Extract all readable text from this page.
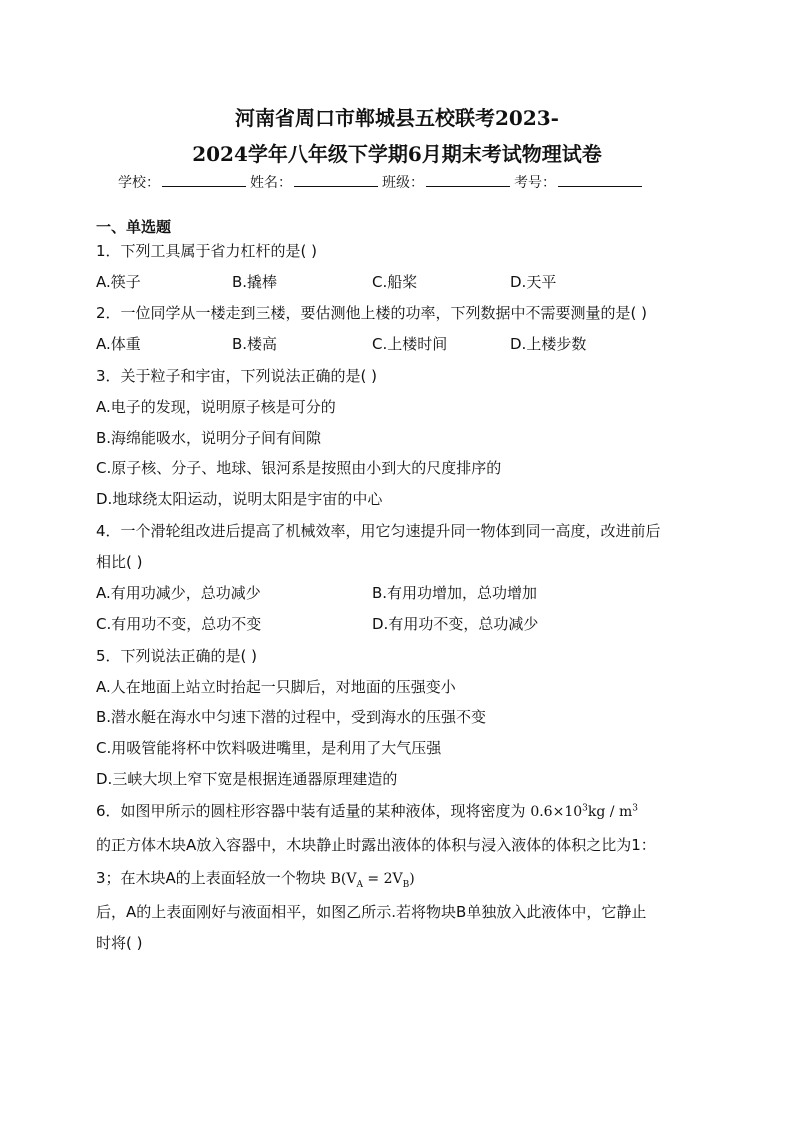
河南省周口市郸城县五校联考2023-
2024学年八年级下学期6月期末考试物理试卷
学校：	姓名：	班级：	考号：
一、单选题
1．下列工具属于省力杠杆的是( )
A.筷子	B.撬棒	C.船桨	D.天平
2．一位同学从一楼走到三楼，要估测他上楼的功率，下列数据中不需要测量的是( )
A.体重	B.楼高	C.上楼时间	D.上楼步数
3．关于粒子和宇宙，下列说法正确的是( )
A.电子的发现，说明原子核是可分的
B.海绵能吸水，说明分子间有间隙
C.原子核、分子、地球、银河系是按照由小到大的尺度排序的
D.地球绕太阳运动，说明太阳是宇宙的中心
4．一个滑轮组改进后提高了机械效率，用它匀速提升同一物体到同一高度，改进前后
相比( )
A.有用功减少，总功减少	B.有用功增加，总功增加
C.有用功不变，总功不变	D.有用功不变，总功减少
5．下列说法正确的是( )
A.人在地面上站立时抬起一只脚后，对地面的压强变小
B.潜水艇在海水中匀速下潜的过程中，受到海水的压强不变
C.用吸管能将杯中饮料吸进嘴里，是利用了大气压强
D.三峡大坝上窄下宽是根据连通器原理建造的
6．如图甲所示的圆柱形容器中装有适量的某种液体，现将密度为 $0.6\times 10^3kg / m^3$
的正方体木块A放入容器中，木块静止时露出液体的体积与浸入液体的体积之比为1：
3；在木块A的上表面轻放一个物块 $B(V_A = 2V_B)$
后，A的上表面刚好与液面相平，如图乙所示.若将物块B单独放入此液体中，它静止
时将( )
